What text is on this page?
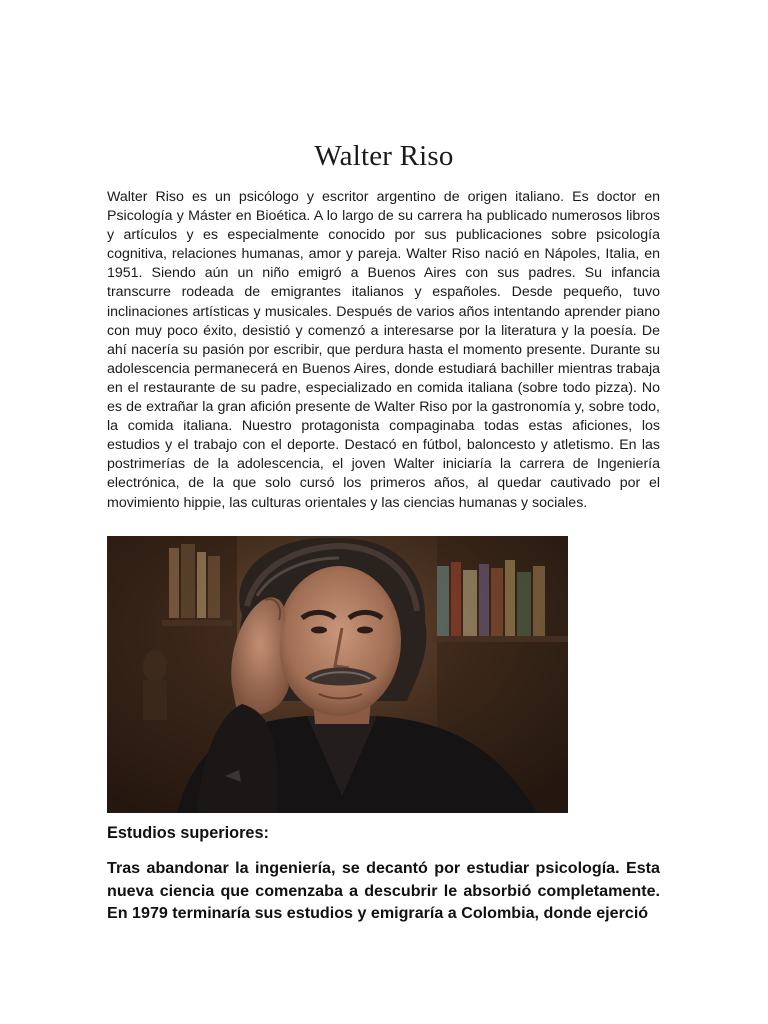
Walter Riso

Walter Riso es un psicólogo y escritor argentino de origen italiano. Es doctor en Psicología y Máster en Bioética. A lo largo de su carrera ha publicado numerosos libros y artículos y es especialmente conocido por sus publicaciones sobre psicología cognitiva, relaciones humanas, amor y pareja. Walter Riso nació en Nápoles, Italia, en 1951. Siendo aún un niño emigró a Buenos Aires con sus padres. Su infancia transcurre rodeada de emigrantes italianos y españoles. Desde pequeño, tuvo inclinaciones artísticas y musicales. Después de varios años intentando aprender piano con muy poco éxito, desistió y comenzó a interesarse por la literatura y la poesía. De ahí nacería su pasión por escribir, que perdura hasta el momento presente. Durante su adolescencia permanecerá en Buenos Aires, donde estudiará bachiller mientras trabaja en el restaurante de su padre, especializado en comida italiana (sobre todo pizza). No es de extrañar la gran afición presente de Walter Riso por la gastronomía y, sobre todo, la comida italiana. Nuestro protagonista compaginaba todas estas aficiones, los estudios y el trabajo con el deporte. Destacó en fútbol, baloncesto y atletismo. En las postrimerías de la adolescencia, el joven Walter iniciaría la carrera de Ingeniería electrónica, de la que solo cursó los primeros años, al quedar cautivado por el movimiento hippie, las culturas orientales y las ciencias humanas y sociales.

Estudios superiores:

Tras abandonar la ingeniería, se decantó por estudiar psicología. Esta nueva ciencia que comenzaba a descubrir le absorbió completamente. En 1979 terminaría sus estudios y emigraría a Colombia, donde ejerció
